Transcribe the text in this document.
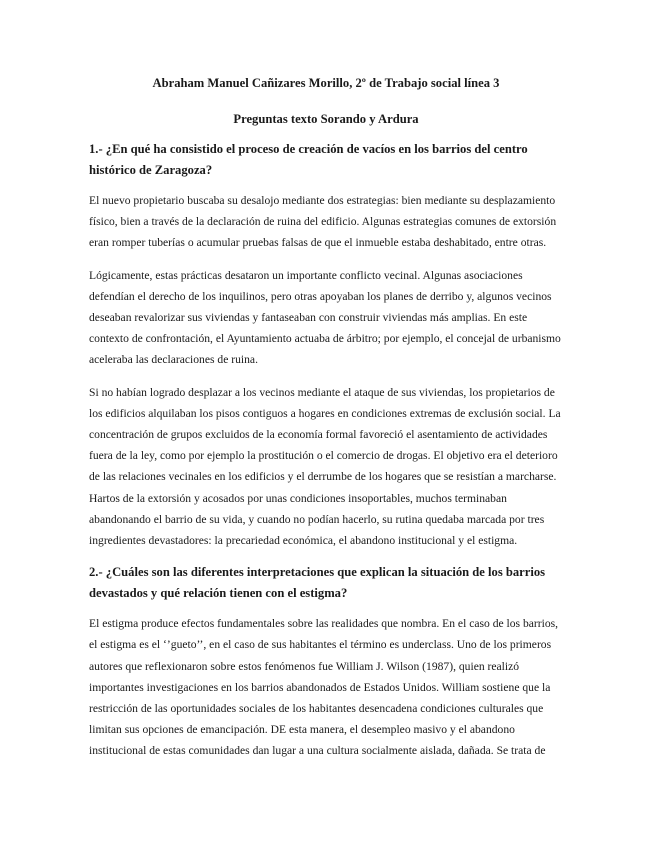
Abraham Manuel Cañizares Morillo, 2º de Trabajo social línea 3

Preguntas texto Sorando y Ardura

1.- ¿En qué ha consistido el proceso de creación de vacíos en los barrios del centro histórico de Zaragoza?

El nuevo propietario buscaba su desalojo mediante dos estrategias: bien mediante su desplazamiento físico, bien a través de la declaración de ruina del edificio. Algunas estrategias comunes de extorsión eran romper tuberías o acumular pruebas falsas de que el inmueble estaba deshabitado, entre otras.

Lógicamente, estas prácticas desataron un importante conflicto vecinal. Algunas asociaciones defendían el derecho de los inquilinos, pero otras apoyaban los planes de derribo y, algunos vecinos deseaban revalorizar sus viviendas y fantaseaban con construir viviendas más amplias. En este contexto de confrontación, el Ayuntamiento actuaba de árbitro; por ejemplo, el concejal de urbanismo aceleraba las declaraciones de ruina.

Si no habían logrado desplazar a los vecinos mediante el ataque de sus viviendas, los propietarios de los edificios alquilaban los pisos contiguos a hogares en condiciones extremas de exclusión social. La concentración de grupos excluidos de la economía formal favoreció el asentamiento de actividades fuera de la ley, como por ejemplo la prostitución o el comercio de drogas. El objetivo era el deterioro de las relaciones vecinales en los edificios y el derrumbe de los hogares que se resistían a marcharse. Hartos de la extorsión y acosados por unas condiciones insoportables, muchos terminaban abandonando el barrio de su vida, y cuando no podían hacerlo, su rutina quedaba marcada por tres ingredientes devastadores: la precariedad económica, el abandono institucional y el estigma.

2.- ¿Cuáles son las diferentes interpretaciones que explican la situación de los barrios devastados y qué relación tienen con el estigma?

El estigma produce efectos fundamentales sobre las realidades que nombra. En el caso de los barrios, el estigma es el ‘’gueto’’, en el caso de sus habitantes el término es underclass. Uno de los primeros autores que reflexionaron sobre estos fenómenos fue William J. Wilson (1987), quien realizó importantes investigaciones en los barrios abandonados de Estados Unidos. William sostiene que la restricción de las oportunidades sociales de los habitantes desencadena condiciones culturales que limitan sus opciones de emancipación. DE esta manera, el desempleo masivo y el abandono institucional de estas comunidades dan lugar a una cultura socialmente aislada, dañada. Se trata de
